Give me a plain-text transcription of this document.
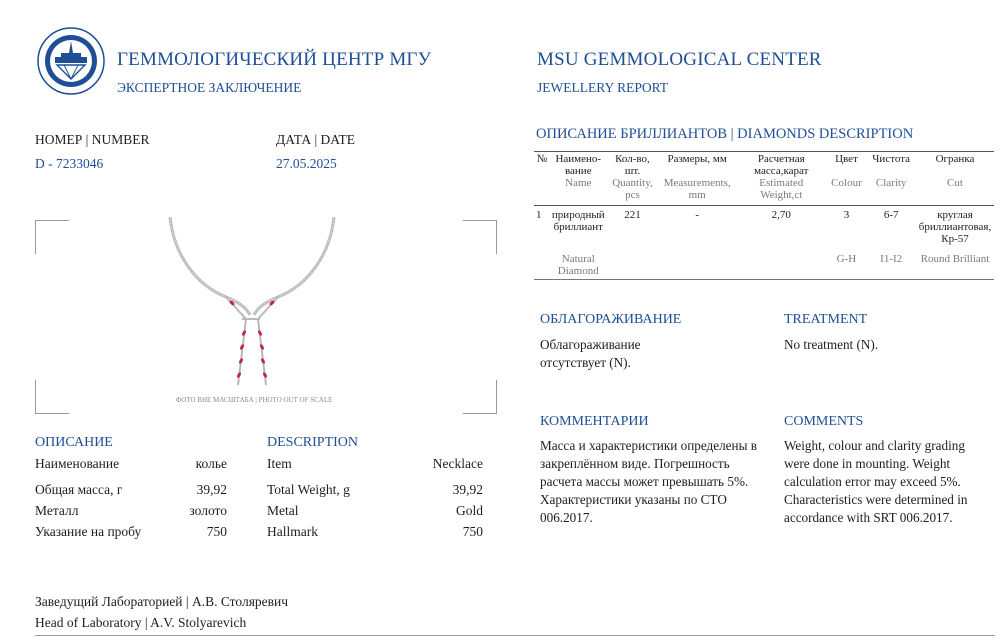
ГЕММОЛОГИЧЕСКИЙ ЦЕНТР МГУ
ЭКСПЕРТНОЕ ЗАКЛЮЧЕНИЕ
MSU GEMMOLOGICAL CENTER
JEWELLERY REPORT
НОМЕР | NUMBER
D - 7233046
ДАТА | DATE
27.05.2025
ФОТО ВНЕ МАСШТАБА | PHOTO OUT OF SCALE
ОПИСАНИЕ
Наименование	колье
Общая масса, г	39,92
Металл	золото
Указание на пробу	750
DESCRIPTION
Item	Necklace
Total Weight, g	39,92
Metal	Gold
Hallmark	750
ОПИСАНИЕ БРИЛЛИАНТОВ | DIAMONDS DESCRIPTION
№	Наимено-вание	Кол-во, шт.	Размеры, мм	Расчетная масса,карат	Цвет	Чистота	Огранка
	Name	Quantity, pcs	Measurements, mm	Estimated Weight,ct	Colour	Clarity	Cut
1	природный бриллиант	221	-	2,70	3	6-7	круглая бриллиантовая, Кр-57
	Natural Diamond				G-H	I1-I2	Round Brilliant
ОБЛАГОРАЖИВАНИЕ	TREATMENT
Облагораживание отсутствует (N).
No treatment (N).
КОММЕНТАРИИ	COMMENTS
Масса и характеристики определены в закреплённом виде. Погрешность расчета массы может превышать 5%. Характеристики указаны по СТО 006.2017.
Weight, colour and clarity grading were done in mounting. Weight calculation error may exceed 5%. Characteristics were determined in accordance with SRT 006.2017.
Заведущий Лабораторией | А.В. Столяревич
Head of Laboratory | A.V. Stolyarevich
